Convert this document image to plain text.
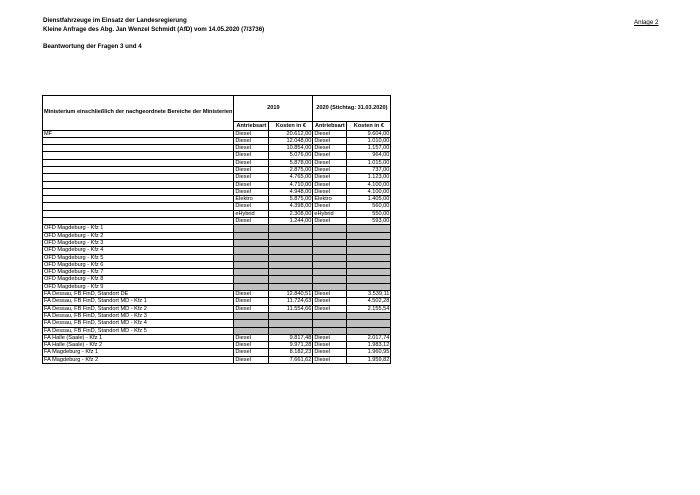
Dienstfahrzeuge im Einsatz der Landesregierung
Kleine Anfrage des Abg. Jan Wenzel Schmidt (AfD) vom 14.05.2020 (7/3736)
Anlage 2
Beantwortung der Fragen 3 und 4
Ministerium einschließlich der nachgeordnete Bereiche der Ministerien	2019		2020 (Stichtag: 31.03.2020)	
	Antriebsart	Kosten in €	Antriebsart	Kosten in €
MF	Diesel	20.612,00	Diesel	9.604,00
	Diesel	12.048,00	Diesel	1.010,00
	Diesel	10.854,00	Diesel	1.157,00
	Diesel	5.076,00	Diesel	964,00
	Diesel	5.878,00	Diesel	1.015,00
	Diesel	2.875,00	Diesel	737,00
	Diesel	4.765,00	Diesel	1.123,00
	Diesel	4.710,00	Diesel	4.100,00
	Diesel	4.948,00	Diesel	4.100,00
	Elektro	5.875,00	Elektro	1.405,00
	Diesel	4.398,00	Diesel	560,00
	eHybrid	2.308,00	eHybrid	550,00
	Diesel	1.244,00	Diesel	593,00
OFD Magdeburg - Kfz 1				
OFD Magdeburg - Kfz 2				
OFD Magdeburg - Kfz 3				
OFD Magdeburg - Kfz 4				
OFD Magdeburg - Kfz 5				
OFD Magdeburg - Kfz 6				
OFD Magdeburg - Kfz 7				
OFD Magdeburg - Kfz 8				
OFD Magdeburg - Kfz 9				
FA Dessau, FB FinD, Standort DE	Diesel	12.840,51	Diesel	3.539,11
FA Dessau, FB FinD, Standort MD - Kfz 1	Diesel	11.724,63	Diesel	4.502,28
FA Dessau, FB FinD, Standort MD - Kfz 2	Diesel	11.554,66	Diesel	2.155,54
FA Dessau, FB FinD, Standort MD - Kfz 3				
FA Dessau, FB FinD, Standort MD - Kfz 4				
FA Dessau, FB FinD, Standort MD - Kfz 5				
FA Halle (Saale) - Kfz 1	Diesel	9.817,48	Diesel	2.017,74
FA Halle (Saale) - Kfz 2	Diesel	9.971,28	Diesel	1.983,12
FA Magdeburg - Kfz 1	Diesel	8.182,23	Diesel	1.960,95
FA Magdeburg - Kfz 2	Diesel	7.661,62	Diesel	1.959,82
